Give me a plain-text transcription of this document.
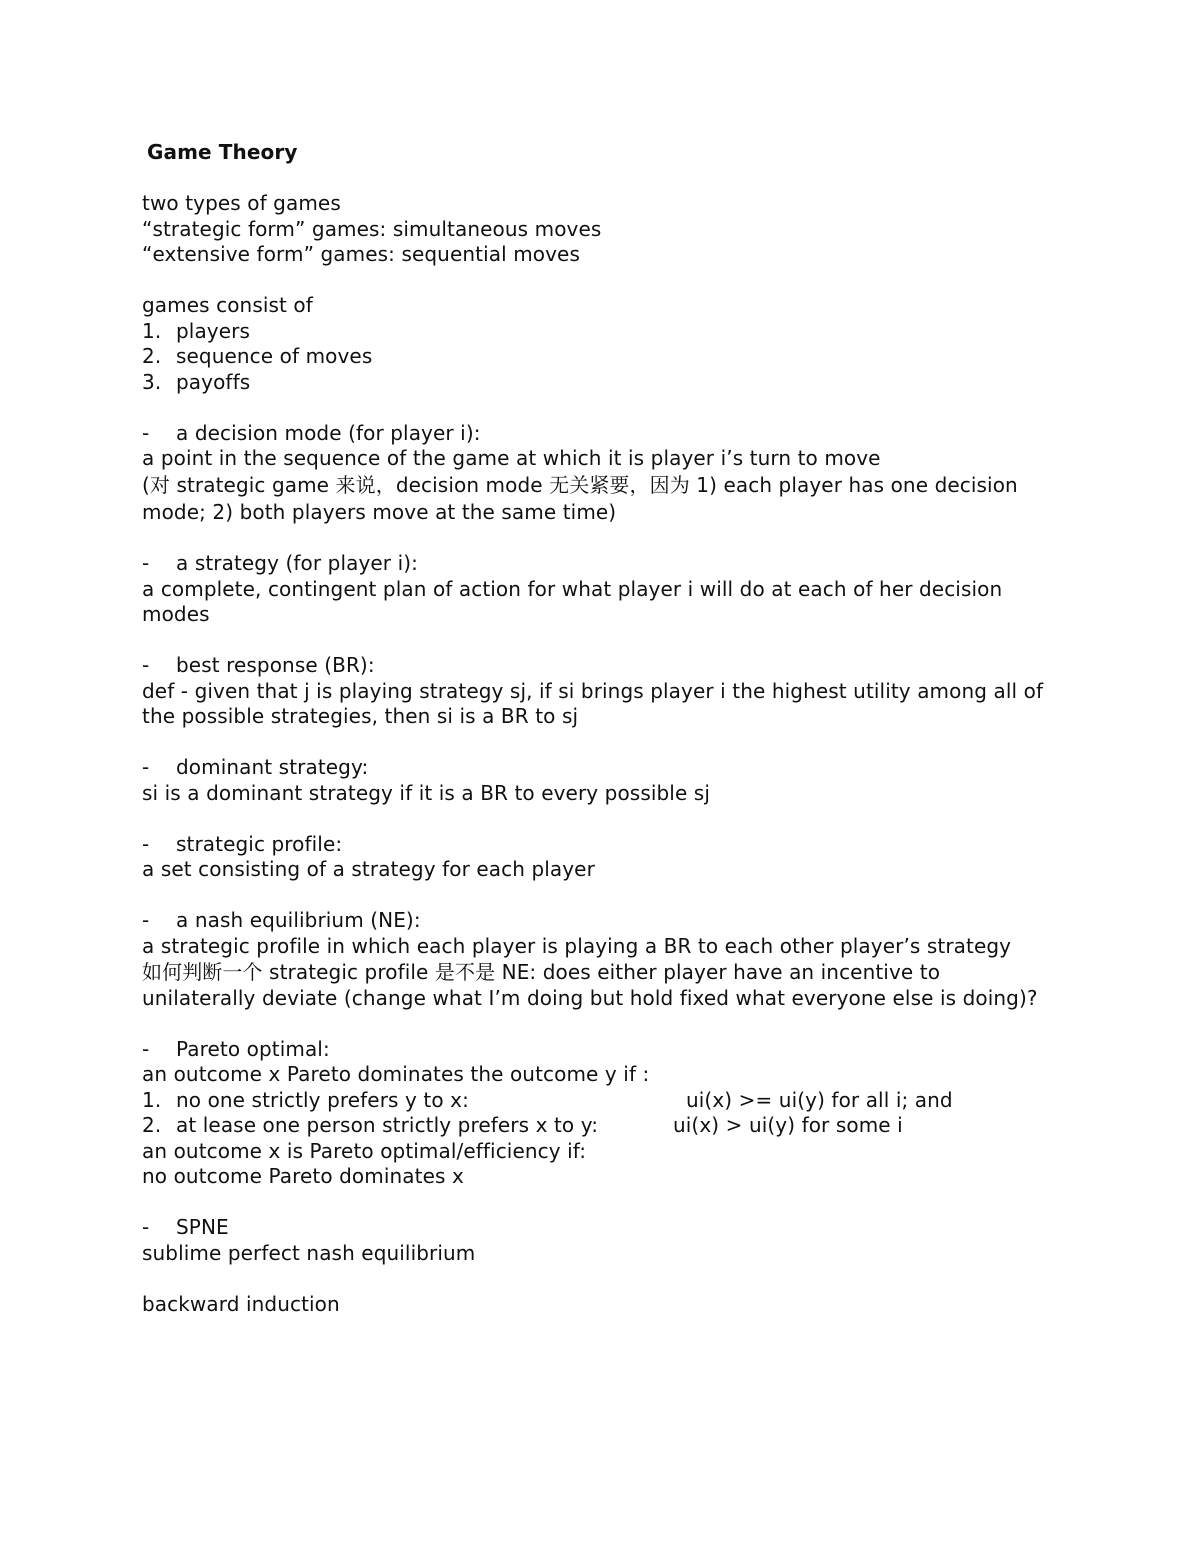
Game Theory
two types of games
“strategic form” games: simultaneous moves
“extensive form” games: sequential moves
games consist of
1. players
2. sequence of moves
3. payoffs
- a decision mode (for player i):
a point in the sequence of the game at which it is player i’s turn to move
(对 strategic game 来说，decision mode 无关紧要，因为 1) each player has one decision mode; 2) both players move at the same time)
- a strategy (for player i):
a complete, contingent plan of action for what player i will do at each of her decision modes
- best response (BR):
def - given that j is playing strategy sj, if si brings player i the highest utility among all of the possible strategies, then si is a BR to sj
- dominant strategy:
si is a dominant strategy if it is a BR to every possible sj
- strategic profile:
a set consisting of a strategy for each player
- a nash equilibrium (NE):
a strategic profile in which each player is playing a BR to each other player’s strategy
如何判断一个 strategic profile 是不是 NE: does either player have an incentive to unilaterally deviate (change what I’m doing but hold fixed what everyone else is doing)?
- Pareto optimal:
an outcome x Pareto dominates the outcome y if :
1. no one strictly prefers y to x:	ui(x) >= ui(y) for all i; and
2. at lease one person strictly prefers x to y:	ui(x) > ui(y) for some i
an outcome x is Pareto optimal/efficiency if:
no outcome Pareto dominates x
- SPNE
sublime perfect nash equilibrium
backward induction
